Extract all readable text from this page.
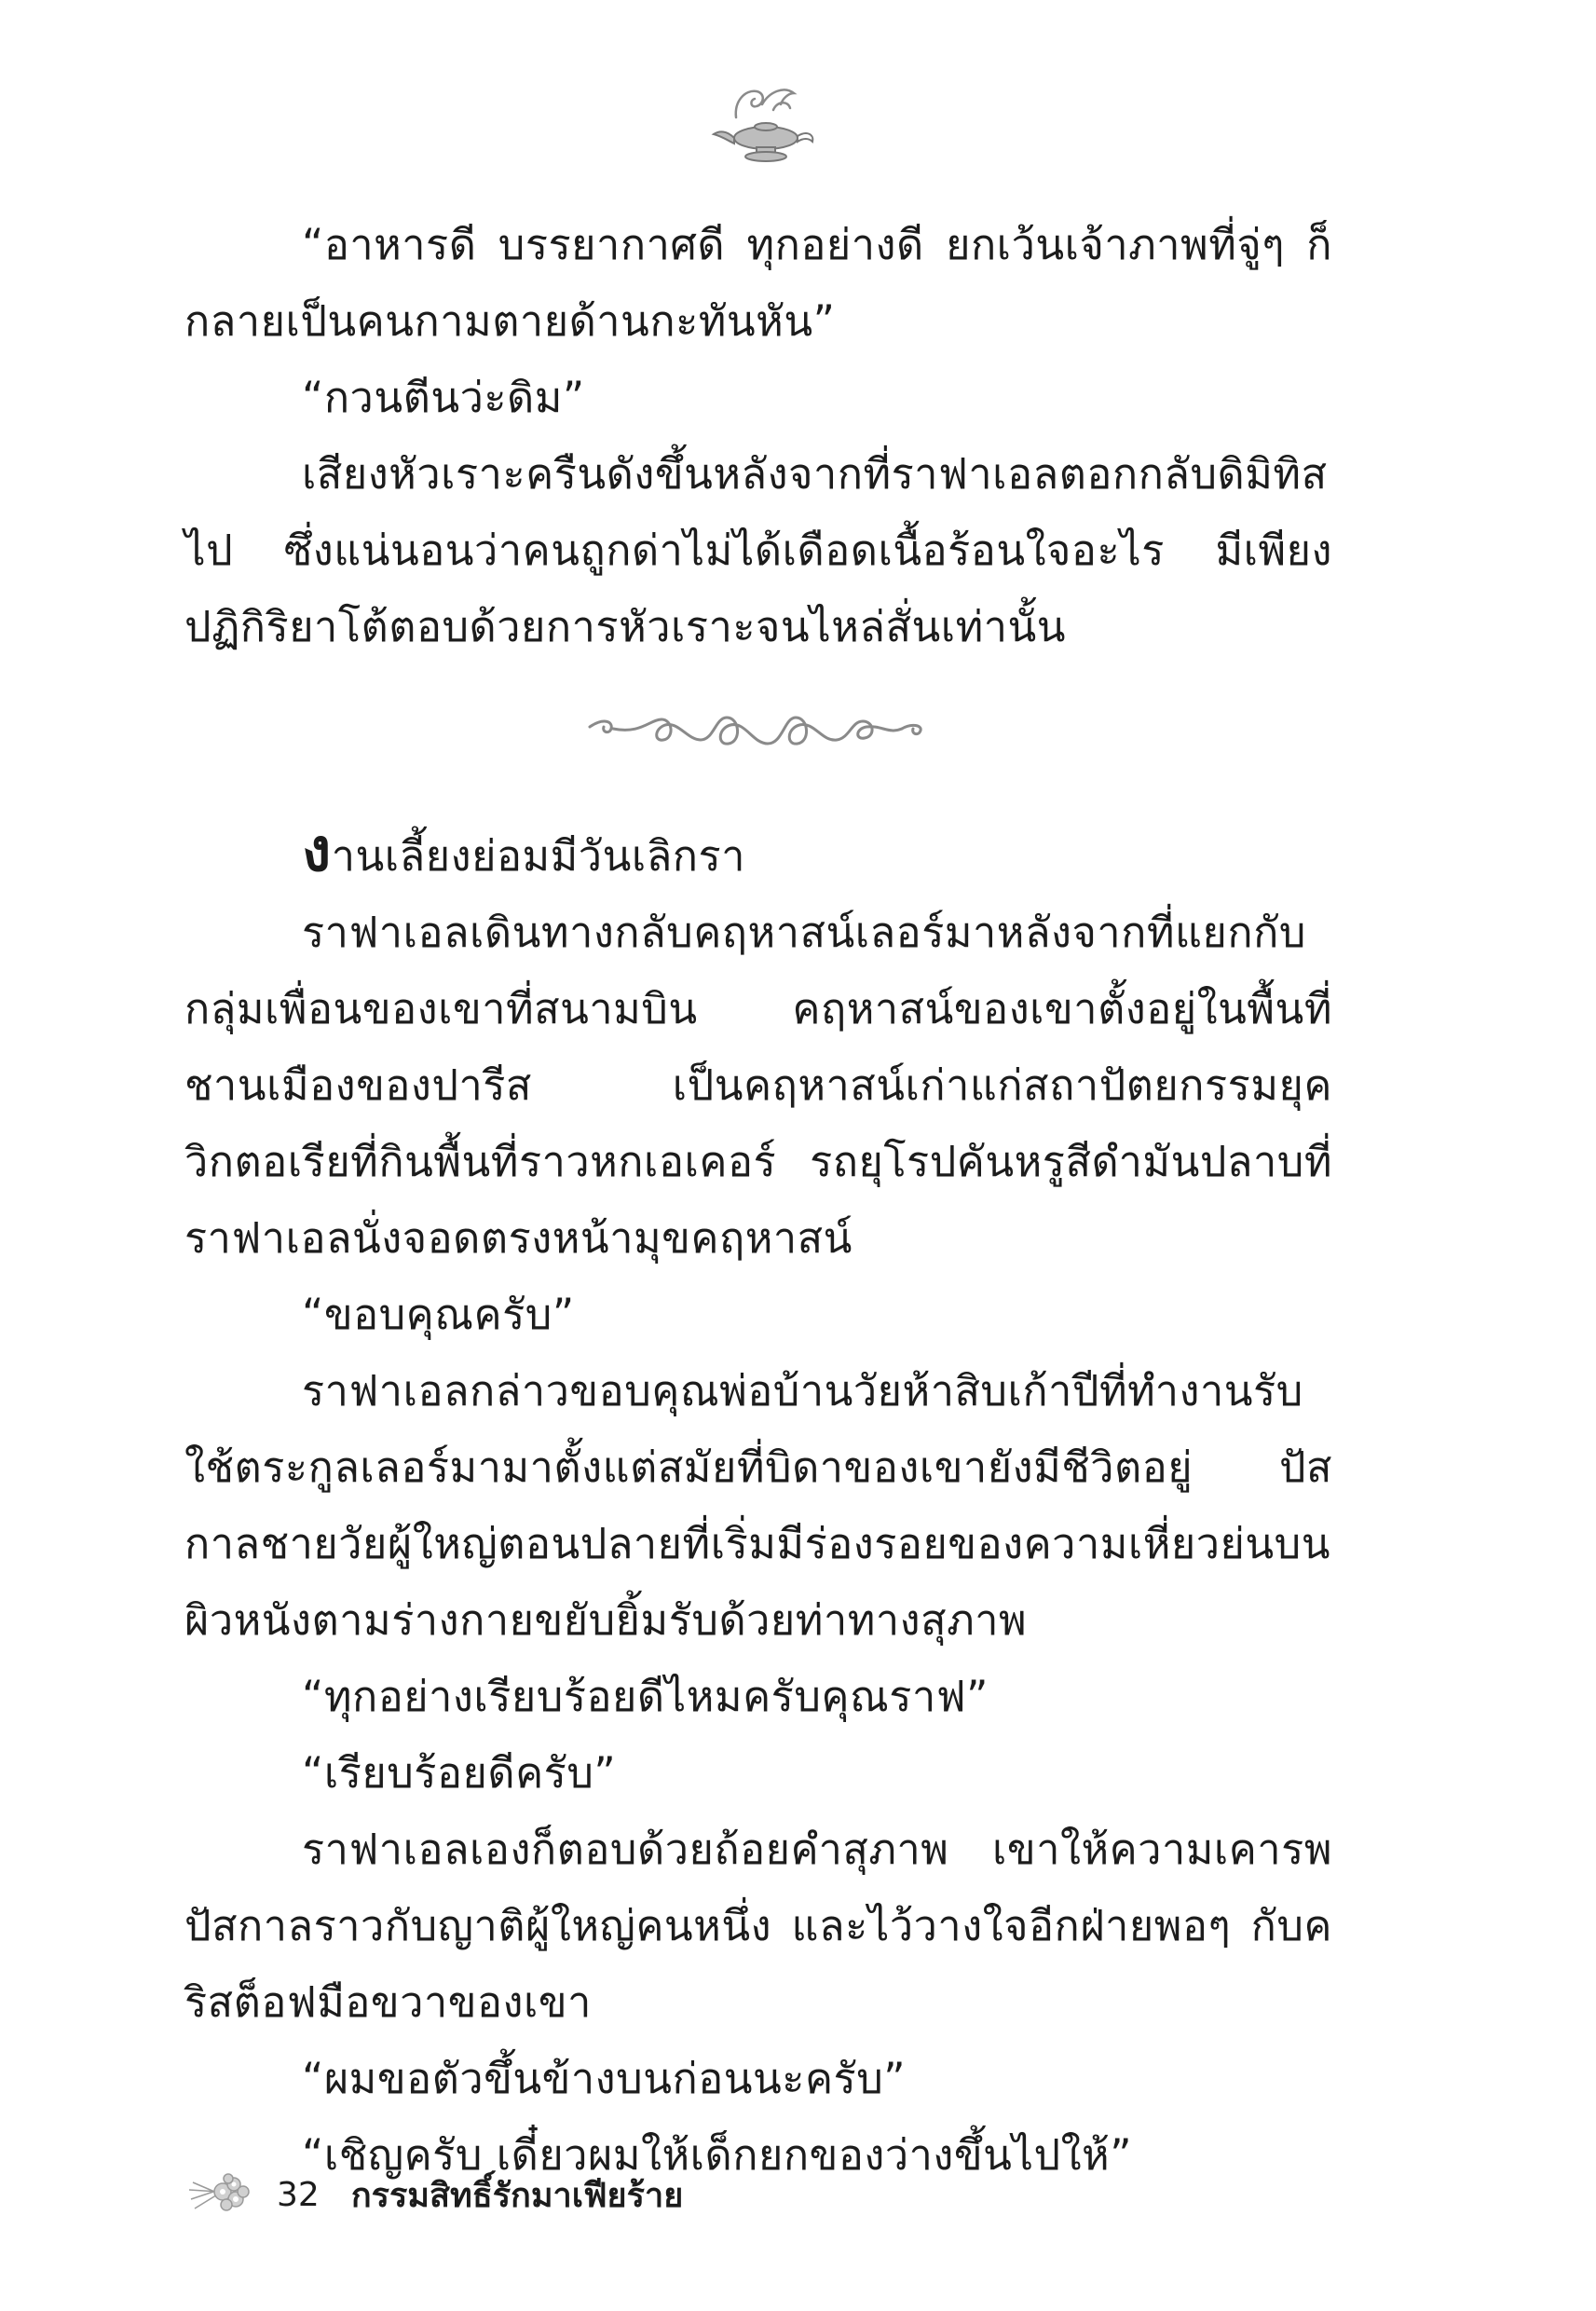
“อาหารดี บรรยากาศดี ทุกอย่างดี ยกเว้นเจ้าภาพที่จู่ๆ ก็กลายเป็นคนกามตายด้านกะทันหัน”

“กวนตีนว่ะดิม”

เสียงหัวเราะครืนดังขึ้นหลังจากที่ราฟาเอลตอกกลับดิมิทิสไป ซึ่งแน่นอนว่าคนถูกด่าไม่ได้เดือดเนื้อร้อนใจอะไร มีเพียงปฏิกิริยาโต้ตอบด้วยการหัวเราะจนไหล่สั่นเท่านั้น

งานเลี้ยงย่อมมีวันเลิกรา

ราฟาเอลเดินทางกลับคฤหาสน์เลอร์มาหลังจากที่แยกกับกลุ่มเพื่อนของเขาที่สนามบิน คฤหาสน์ของเขาตั้งอยู่ในพื้นที่ชานเมืองของปารีส เป็นคฤหาสน์เก่าแก่สถาปัตยกรรมยุควิกตอเรียที่กินพื้นที่ราวหกเอเคอร์ รถยุโรปคันหรูสีดำมันปลาบที่ราฟาเอลนั่งจอดตรงหน้ามุขคฤหาสน์

“ขอบคุณครับ”

ราฟาเอลกล่าวขอบคุณพ่อบ้านวัยห้าสิบเก้าปีที่ทำงานรับใช้ตระกูลเลอร์มามาตั้งแต่สมัยที่บิดาของเขายังมีชีวิตอยู่ ปัสกาลชายวัยผู้ใหญ่ตอนปลายที่เริ่มมีร่องรอยของความเหี่ยวย่นบนผิวหนังตามร่างกายขยับยิ้มรับด้วยท่าทางสุภาพ

“ทุกอย่างเรียบร้อยดีไหมครับคุณราฟ”

“เรียบร้อยดีครับ”

ราฟาเอลเองก็ตอบด้วยถ้อยคำสุภาพ เขาให้ความเคารพปัสกาลราวกับญาติผู้ใหญ่คนหนึ่ง และไว้วางใจอีกฝ่ายพอๆ กับคริสต็อฟมือขวาของเขา

“ผมขอตัวขึ้นข้างบนก่อนนะครับ”

“เชิญครับ เดี๋ยวผมให้เด็กยกของว่างขึ้นไปให้”

32 กรรมสิทธิ์รักมาเฟียร้าย
